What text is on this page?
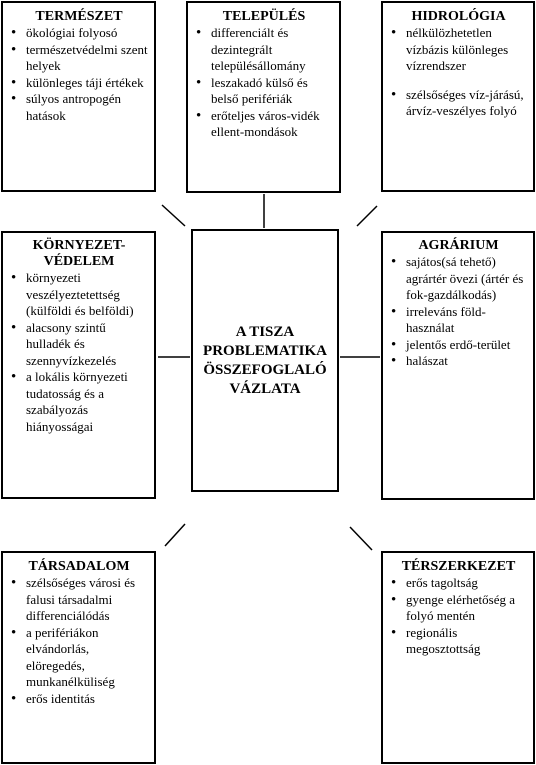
TERMÉSZET
• ökológiai folyosó
• természetvédelmi szent helyek
• különleges táji értékek
• súlyos antropogén hatások
TELEPÜLÉS
• differenciált és dezintegrált településállomány
• leszakadó külső és belső perifériák
• erőteljes város-vidék ellent-mondások
HIDROLÓGIA
• nélkülözhetetlen vízbázis különleges vízrendszer
• szélsőséges víz-járású, árvíz-veszélyes folyó
KÖRNYEZET-
VÉDELEM
• környezeti veszélyeztetettség (külföldi és belföldi)
• alacsony szintű hulladék és szennyvízkezelés
• a lokális környezeti tudatosság és a szabályozás hiányosságai
A TISZA
PROBLEMATIKA
ÖSSZEFOGLALÓ
VÁZLATA
AGRÁRIUM
• sajátos(sá tehető) agrártér övezi (ártér és fok-gazdálkodás)
• irreleváns föld-használat
• jelentős erdő-terület
• halászat
TÁRSADALOM
• szélsőséges városi és falusi társadalmi differenciálódás
• a perifériákon elvándorlás, elöregedés, munkanélküliség
• erős identitás
TÉRSZERKEZET
• erős tagoltság
• gyenge elérhetőség a folyó mentén
• regionális megosztottság
